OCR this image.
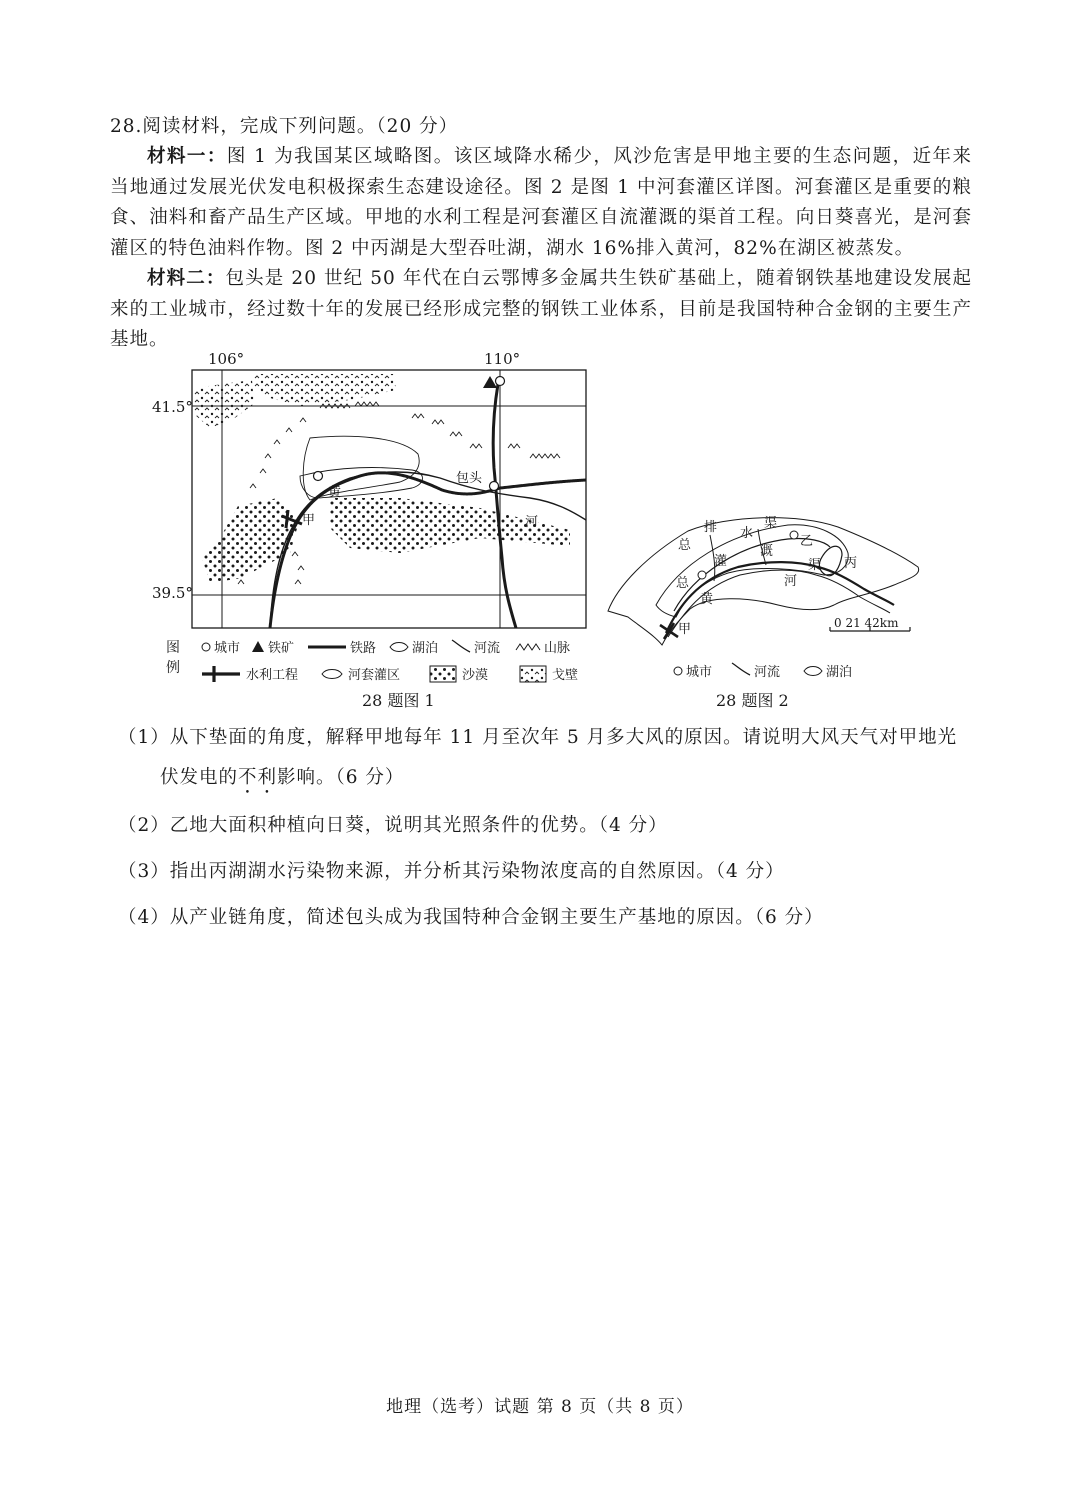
28.阅读材料，完成下列问题。（20 分）
材料一：图 1 为我国某区域略图。该区域降水稀少，风沙危害是甲地主要的生态问题，近年来当地通过发展光伏发电积极探索生态建设途径。图 2 是图 1 中河套灌区详图。河套灌区是重要的粮食、油料和畜产品生产区域。甲地的水利工程是河套灌区自流灌溉的渠首工程。向日葵喜光，是河套灌区的特色油料作物。图 2 中丙湖是大型吞吐湖，湖水 16%排入黄河，82%在湖区被蒸发。
材料二：包头是 20 世纪 50 年代在白云鄂博多金属共生铁矿基础上，随着钢铁基地建设发展起来的工业城市，经过数十年的发展已经形成完整的钢铁工业体系，目前是我国特种合金钢的主要生产基地。
106°	110°
41.5°
39.5°
包头
黄
河
甲
图
例
城市 铁矿	铁路	湖泊	河流	山脉
水利工程	河套灌区	沙漠	戈壁
28 题图 1
总
排 水
渠
总
灌
溉
渠
乙
丙
河
黄
甲	0 21 42km
城市	河流	湖泊
28 题图 2
（1）从下垫面的角度，解释甲地每年 11 月至次年 5 月多大风的原因。请说明大风天气对甲地光
伏发电的不利影响。（6 分）
（2）乙地大面积种植向日葵，说明其光照条件的优势。（4 分）
（3）指出丙湖湖水污染物来源，并分析其污染物浓度高的自然原因。（4 分）
（4）从产业链角度，简述包头成为我国特种合金钢主要生产基地的原因。（6 分）
地理（选考）试题 第 8 页（共 8 页）
